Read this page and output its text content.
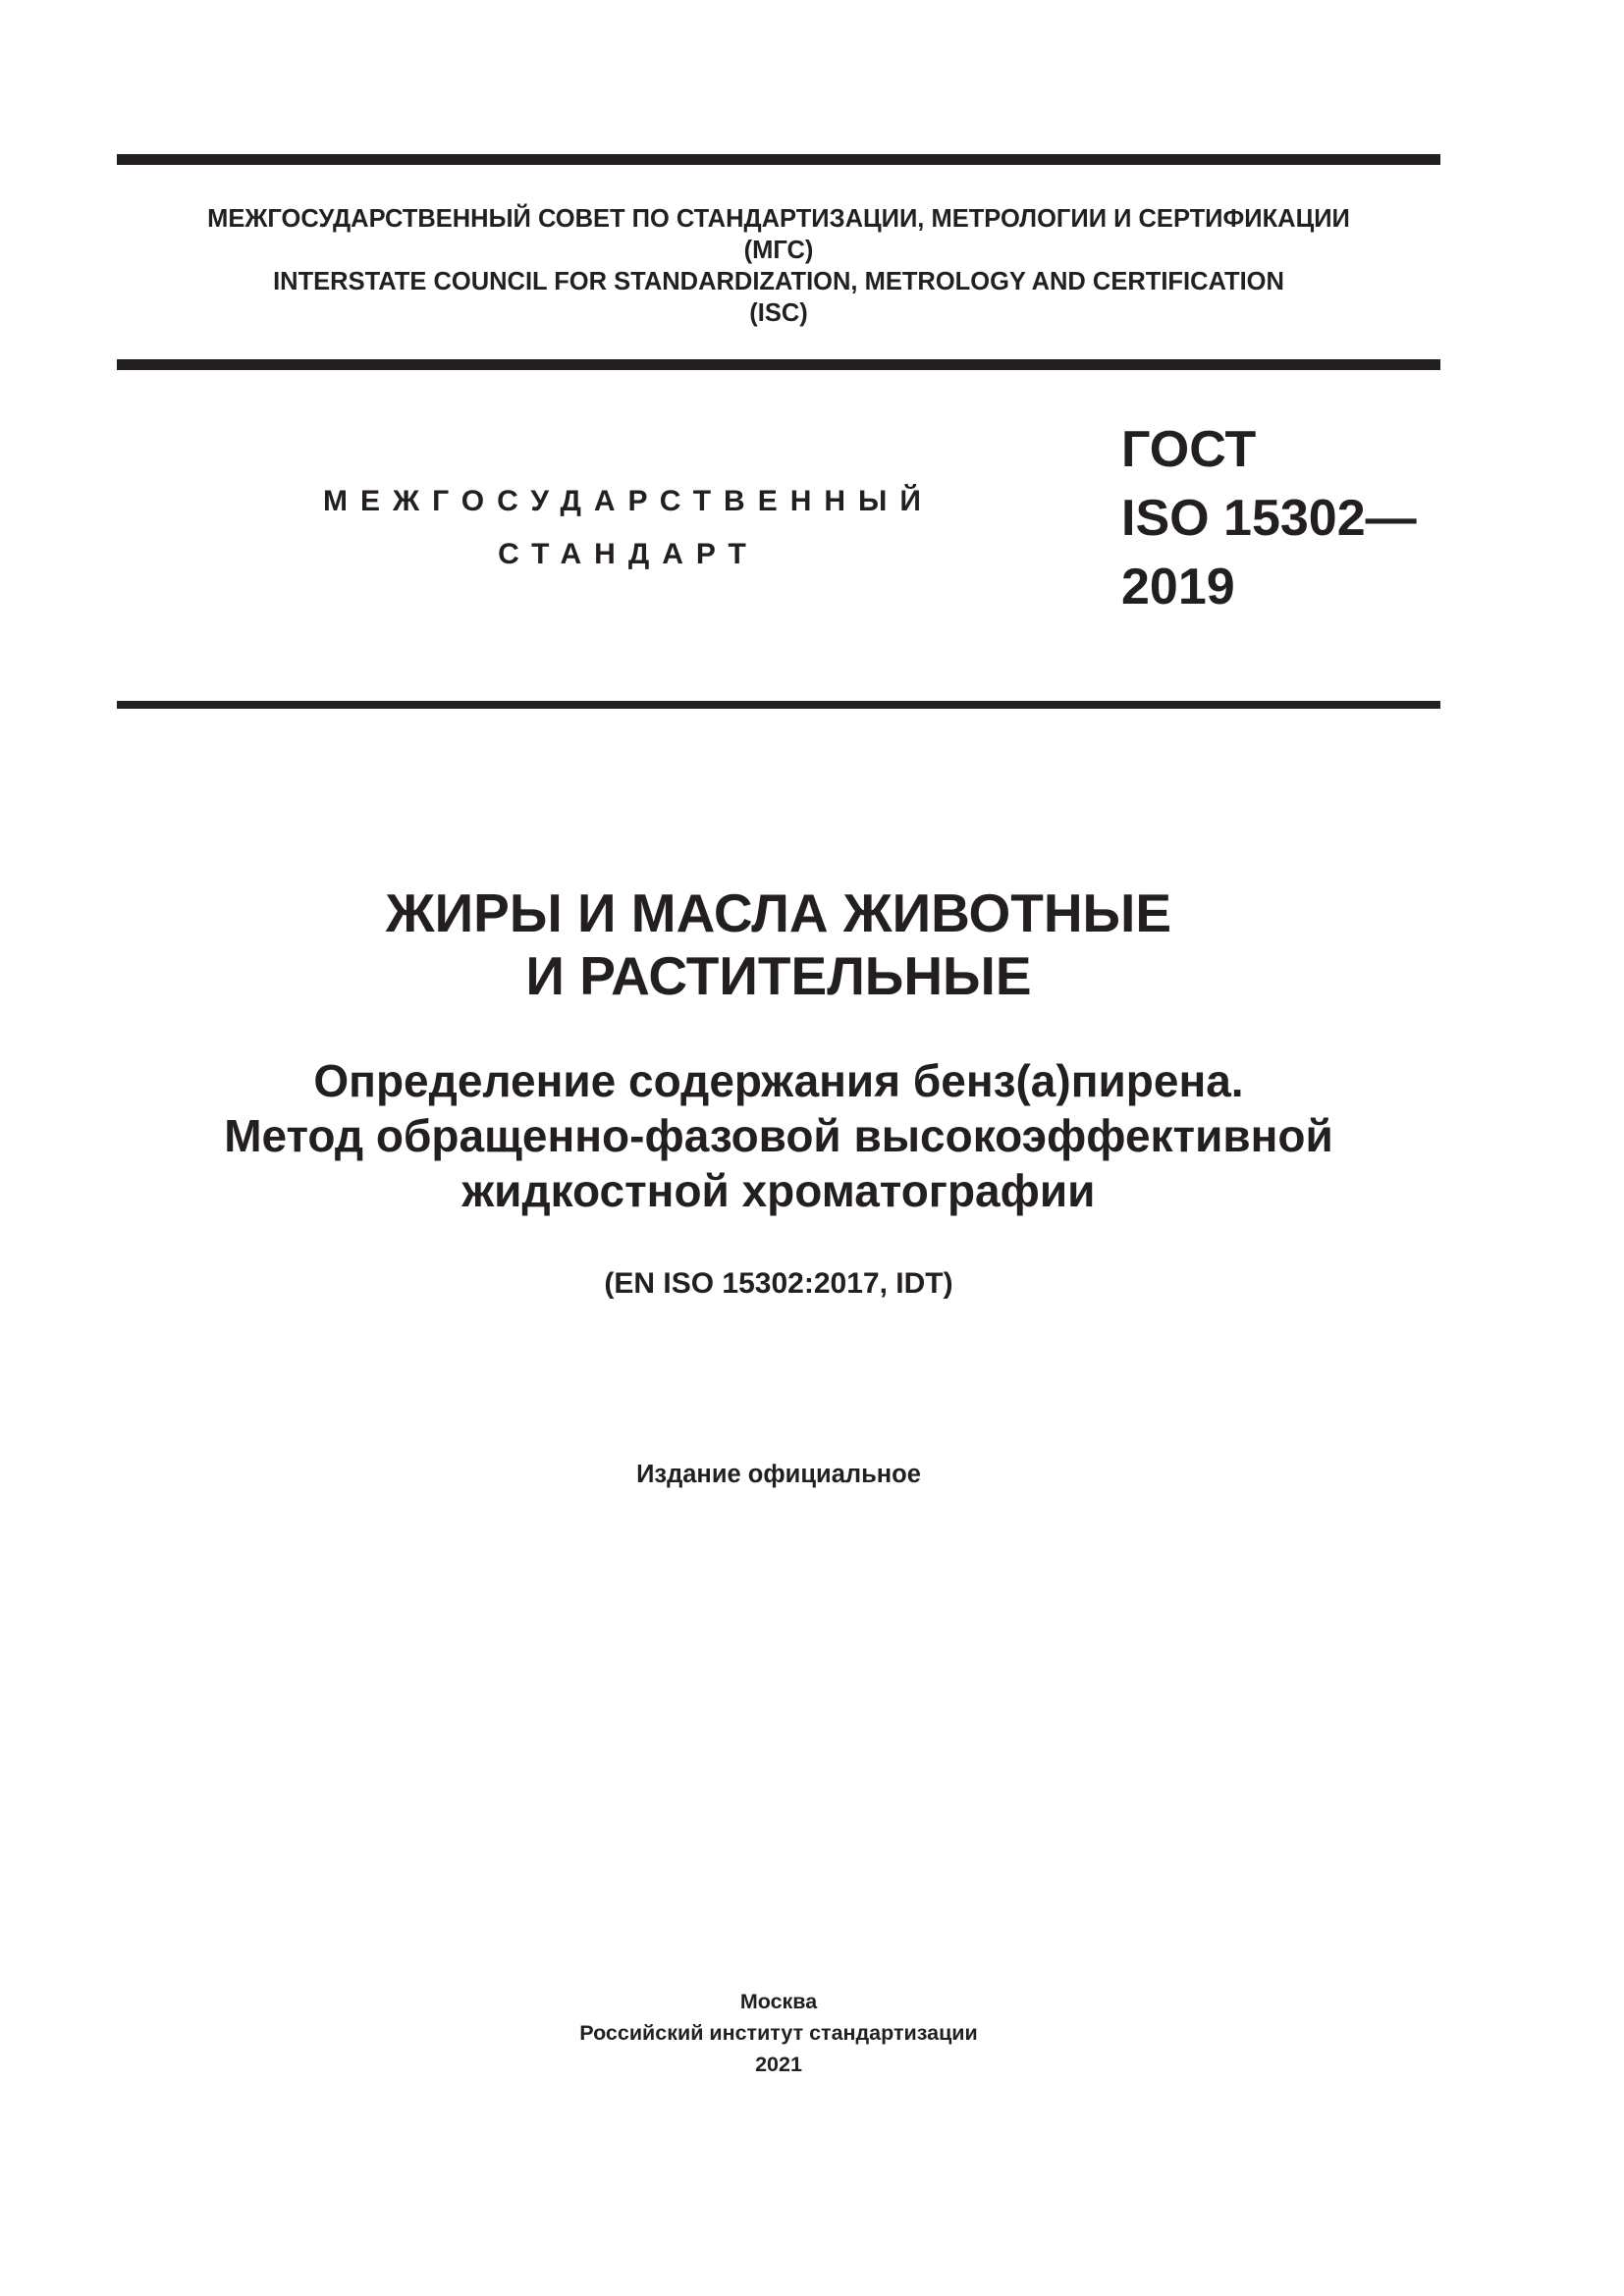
МЕЖГОСУДАРСТВЕННЫЙ СОВЕТ ПО СТАНДАРТИЗАЦИИ, МЕТРОЛОГИИ И СЕРТИФИКАЦИИ
(МГС)
INTERSTATE COUNCIL FOR STANDARDIZATION, METROLOGY AND CERTIFICATION
(ISC)
МЕЖГОСУДАРСТВЕННЫЙ
СТАНДАРТ
ГОСТ
ISO 15302—
2019
ЖИРЫ И МАСЛА ЖИВОТНЫЕ
И РАСТИТЕЛЬНЫЕ
Определение содержания бенз(а)пирена.
Метод обращенно-фазовой высокоэффективной
жидкостной хроматографии
(EN ISO 15302:2017, IDT)
Издание официальное
Москва
Российский институт стандартизации
2021
